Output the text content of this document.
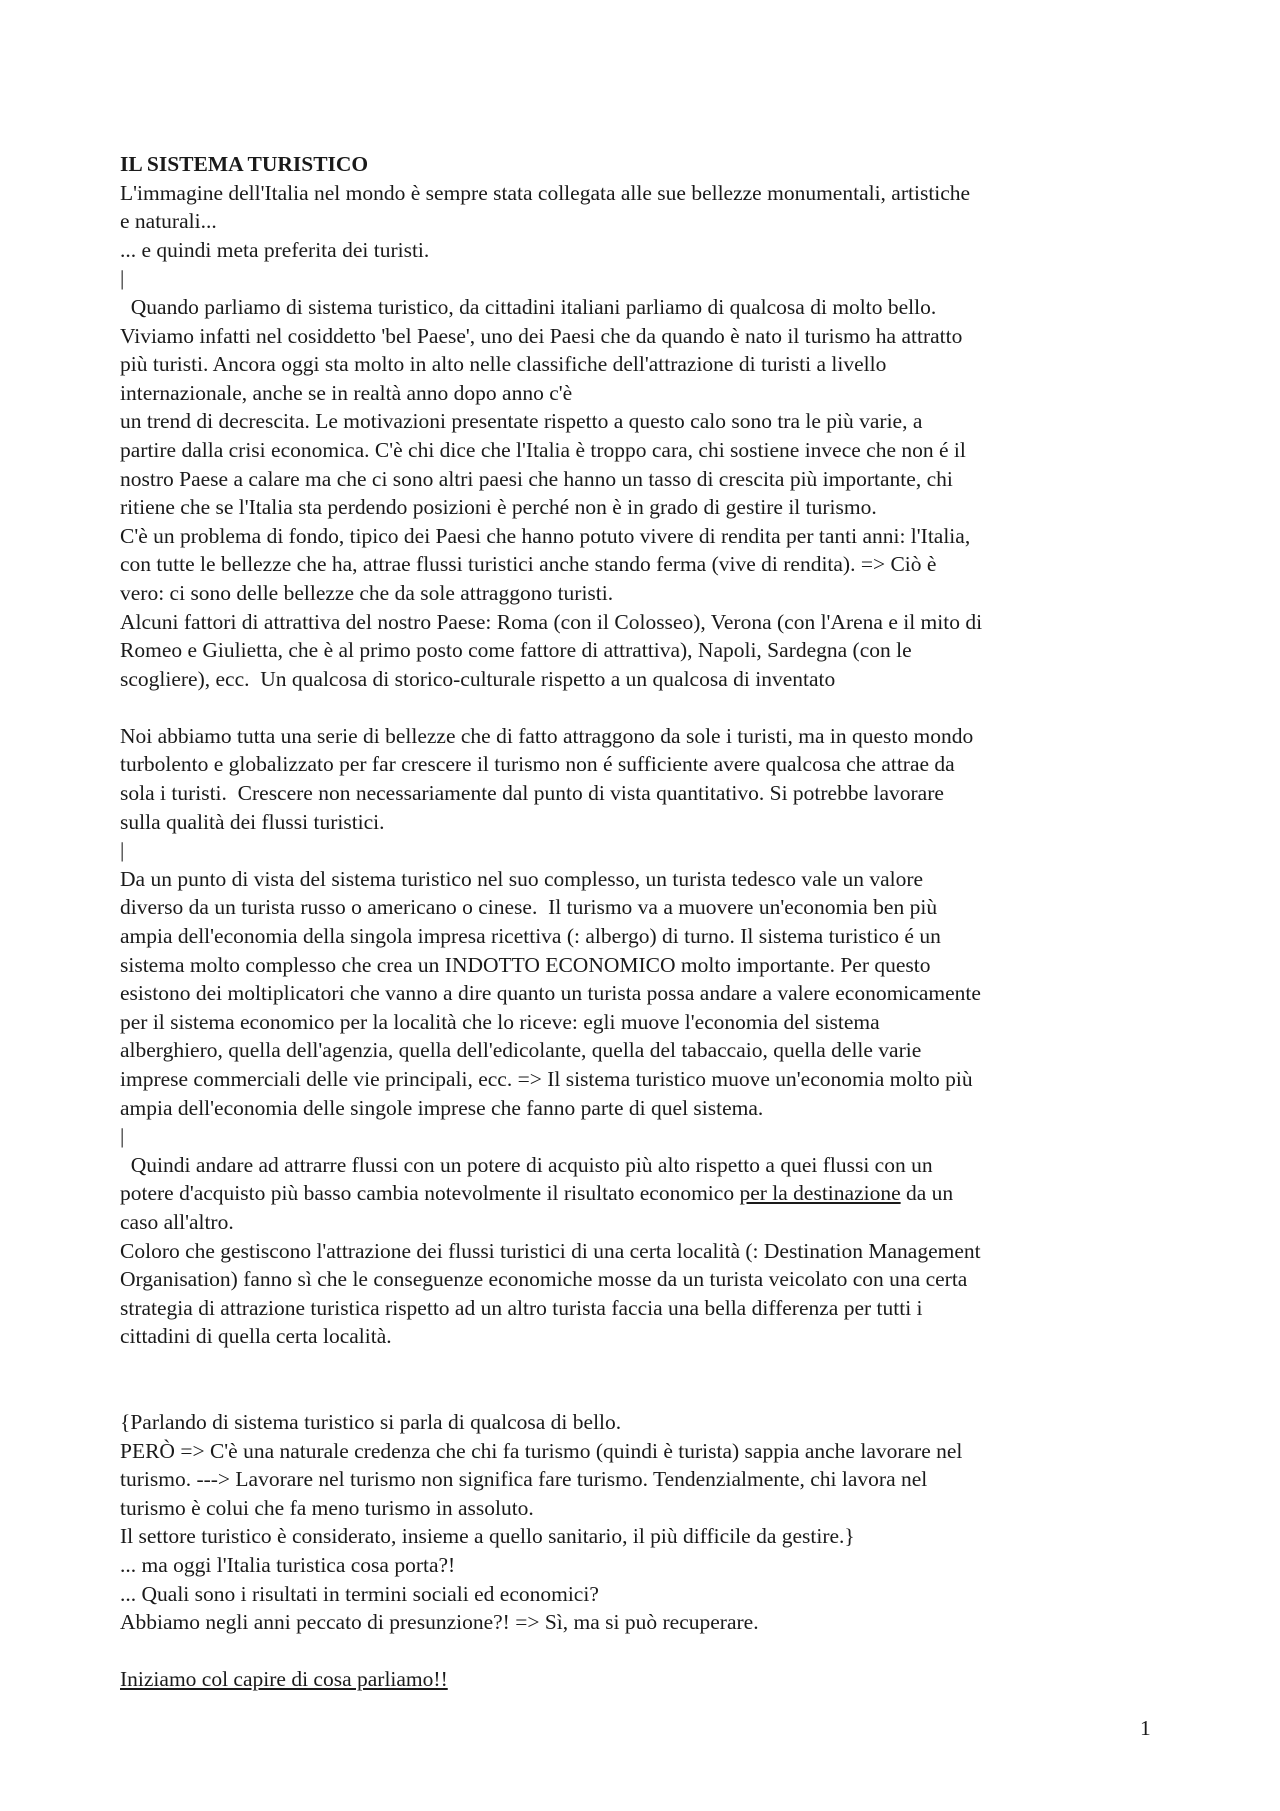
IL SISTEMA TURISTICO
L'immagine dell'Italia nel mondo è sempre stata collegata alle sue bellezze monumentali, artistiche
e naturali...
... e quindi meta preferita dei turisti.
|
Quando parliamo di sistema turistico, da cittadini italiani parliamo di qualcosa di molto bello.
Viviamo infatti nel cosiddetto 'bel Paese', uno dei Paesi che da quando è nato il turismo ha attratto
più turisti. Ancora oggi sta molto in alto nelle classifiche dell'attrazione di turisti a livello
internazionale, anche se in realtà anno dopo anno c'è
un trend di decrescita. Le motivazioni presentate rispetto a questo calo sono tra le più varie, a
partire dalla crisi economica. C'è chi dice che l'Italia è troppo cara, chi sostiene invece che non é il
nostro Paese a calare ma che ci sono altri paesi che hanno un tasso di crescita più importante, chi
ritiene che se l'Italia sta perdendo posizioni è perché non è in grado di gestire il turismo.
C'è un problema di fondo, tipico dei Paesi che hanno potuto vivere di rendita per tanti anni: l'Italia,
con tutte le bellezze che ha, attrae flussi turistici anche stando ferma (vive di rendita). => Ciò è
vero: ci sono delle bellezze che da sole attraggono turisti.
Alcuni fattori di attrattiva del nostro Paese: Roma (con il Colosseo), Verona (con l'Arena e il mito di
Romeo e Giulietta, che è al primo posto come fattore di attrattiva), Napoli, Sardegna (con le
scogliere), ecc.  Un qualcosa di storico-culturale rispetto a un qualcosa di inventato
Noi abbiamo tutta una serie di bellezze che di fatto attraggono da sole i turisti, ma in questo mondo
turbolento e globalizzato per far crescere il turismo non é sufficiente avere qualcosa che attrae da
sola i turisti.  Crescere non necessariamente dal punto di vista quantitativo. Si potrebbe lavorare
sulla qualità dei flussi turistici.
|
Da un punto di vista del sistema turistico nel suo complesso, un turista tedesco vale un valore
diverso da un turista russo o americano o cinese.  Il turismo va a muovere un'economia ben più
ampia dell'economia della singola impresa ricettiva (: albergo) di turno. Il sistema turistico é un
sistema molto complesso che crea un INDOTTO ECONOMICO molto importante. Per questo
esistono dei moltiplicatori che vanno a dire quanto un turista possa andare a valere economicamente
per il sistema economico per la località che lo riceve: egli muove l'economia del sistema
alberghiero, quella dell'agenzia, quella dell'edicolante, quella del tabaccaio, quella delle varie
imprese commerciali delle vie principali, ecc. => Il sistema turistico muove un'economia molto più
ampia dell'economia delle singole imprese che fanno parte di quel sistema.
|
Quindi andare ad attrarre flussi con un potere di acquisto più alto rispetto a quei flussi con un
potere d'acquisto più basso cambia notevolmente il risultato economico per la destinazione da un
caso all'altro.
Coloro che gestiscono l'attrazione dei flussi turistici di una certa località (: Destination Management
Organisation) fanno sì che le conseguenze economiche mosse da un turista veicolato con una certa
strategia di attrazione turistica rispetto ad un altro turista faccia una bella differenza per tutti i
cittadini di quella certa località.
{Parlando di sistema turistico si parla di qualcosa di bello.
PERÒ => C'è una naturale credenza che chi fa turismo (quindi è turista) sappia anche lavorare nel
turismo. ---> Lavorare nel turismo non significa fare turismo. Tendenzialmente, chi lavora nel
turismo è colui che fa meno turismo in assoluto.
Il settore turistico è considerato, insieme a quello sanitario, il più difficile da gestire.}
... ma oggi l'Italia turistica cosa porta?!
... Quali sono i risultati in termini sociali ed economici?
Abbiamo negli anni peccato di presunzione?! => Sì, ma si può recuperare.
Iniziamo col capire di cosa parliamo!!
1
